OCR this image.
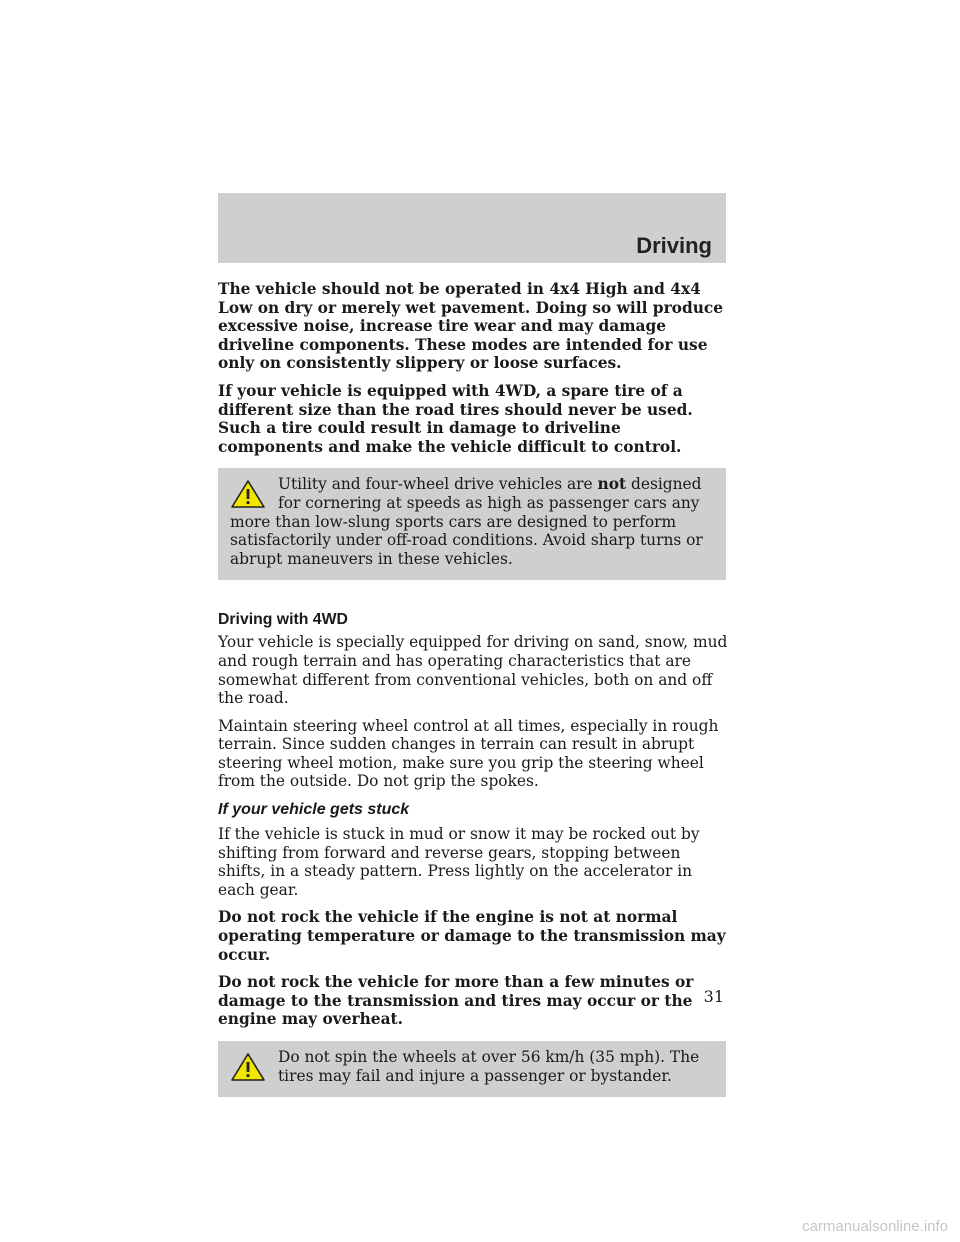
Driving

The vehicle should not be operated in 4x4 High and 4x4 Low on dry or merely wet pavement. Doing so will produce excessive noise, increase tire wear and may damage driveline components. These modes are intended for use only on consistently slippery or loose surfaces.

If your vehicle is equipped with 4WD, a spare tire of a different size than the road tires should never be used. Such a tire could result in damage to driveline components and make the vehicle difficult to control.

Utility and four-wheel drive vehicles are not designed for cornering at speeds as high as passenger cars any more than low-slung sports cars are designed to perform satisfactorily under off-road conditions. Avoid sharp turns or abrupt maneuvers in these vehicles.
Driving with 4WD

Your vehicle is specially equipped for driving on sand, snow, mud and rough terrain and has operating characteristics that are somewhat different from conventional vehicles, both on and off the road.

Maintain steering wheel control at all times, especially in rough terrain. Since sudden changes in terrain can result in abrupt steering wheel motion, make sure you grip the steering wheel from the outside. Do not grip the spokes.

If your vehicle gets stuck

If the vehicle is stuck in mud or snow it may be rocked out by shifting from forward and reverse gears, stopping between shifts, in a steady pattern. Press lightly on the accelerator in each gear.

Do not rock the vehicle if the engine is not at normal operating temperature or damage to the transmission may occur.

Do not rock the vehicle for more than a few minutes or damage to the transmission and tires may occur or the engine may overheat.

Do not spin the wheels at over 56 km/h (35 mph). The tires may fail and injure a passenger or bystander.
31
carmanualsonline.info
